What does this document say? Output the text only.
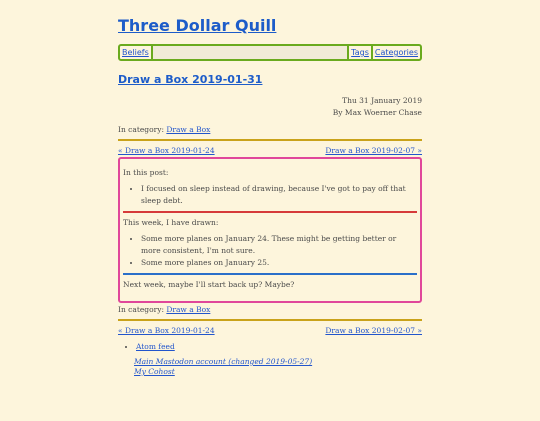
Three Dollar Quill
Beliefs	Tags Categories
Draw a Box 2019-01-31
Thu 31 January 2019
By Max Woerner Chase
In category: Draw a Box
« Draw a Box 2019-01-24	Draw a Box 2019-02-07 »

In this post:

• I focused on sleep instead of drawing, because I've got to pay off that sleep debt.

This week, I have drawn:

• Some more planes on January 24. These might be getting better or more consistent, I'm not sure.
• Some more planes on January 25.

Next week, maybe I'll start back up? Maybe?

In category: Draw a Box
« Draw a Box 2019-01-24	Draw a Box 2019-02-07 »
• Atom feed
Main Mastodon account (changed 2019-05-27)
My Cohost
